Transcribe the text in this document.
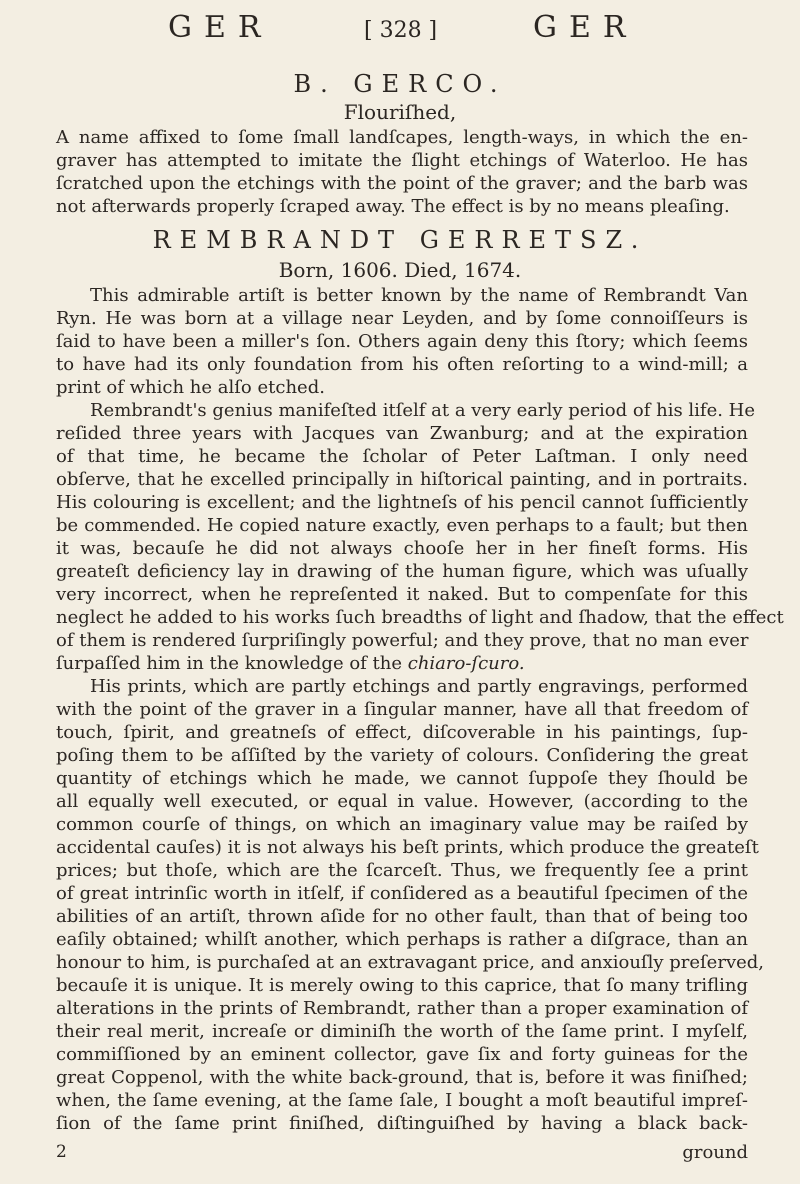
GER	[ 328 ]	GER
B. GERCO.
Flouriſhed,
A name affixed to ſome ſmall landſcapes, length-ways, in which the en-
graver has attempted to imitate the ſlight etchings of Waterloo. He has
ſcratched upon the etchings with the point of the graver; and the barb was
not afterwards properly ſcraped away. The effect is by no means pleaſing.
REMBRANDT GERRETSZ.
Born, 1606. Died, 1674.
This admirable artiſt is better known by the name of Rembrandt Van
Ryn. He was born at a village near Leyden, and by ſome connoiſſeurs is
ſaid to have been a miller's ſon. Others again deny this ſtory; which ſeems
to have had its only foundation from his often reſorting to a wind-mill; a
print of which he alſo etched.
Rembrandt's genius manifeſted itſelf at a very early period of his life. He
reſided three years with Jacques van Zwanburg; and at the expiration
of that time, he became the ſcholar of Peter Laſtman. I only need
obſerve, that he excelled principally in hiſtorical painting, and in portraits.
His colouring is excellent; and the lightneſs of his pencil cannot ſufficiently
be commended. He copied nature exactly, even perhaps to a fault; but then
it was, becauſe he did not always chooſe her in her fineſt forms. His
greateſt deficiency lay in drawing of the human figure, which was uſually
very incorrect, when he repreſented it naked. But to compenſate for this
neglect he added to his works ſuch breadths of light and ſhadow, that the effect
of them is rendered ſurpriſingly powerful; and they prove, that no man ever
ſurpaſſed him in the knowledge of the chiaro-ſcuro.
His prints, which are partly etchings and partly engravings, performed
with the point of the graver in a ſingular manner, have all that freedom of
touch, ſpirit, and greatneſs of effect, diſcoverable in his paintings, ſup-
poſing them to be aſſiſted by the variety of colours. Conſidering the great
quantity of etchings which he made, we cannot ſuppoſe they ſhould be
all equally well executed, or equal in value. However, (according to the
common courſe of things, on which an imaginary value may be raiſed by
accidental cauſes) it is not always his beſt prints, which produce the greateſt
prices; but thoſe, which are the ſcarceſt. Thus, we frequently ſee a print
of great intrinſic worth in itſelf, if conſidered as a beautiful ſpecimen of the
abilities of an artiſt, thrown aſide for no other fault, than that of being too
eaſily obtained; whilſt another, which perhaps is rather a diſgrace, than an
honour to him, is purchaſed at an extravagant price, and anxiouſly preſerved,
becauſe it is unique. It is merely owing to this caprice, that ſo many trifling
alterations in the prints of Rembrandt, rather than a proper examination of
their real merit, increaſe or diminiſh the worth of the ſame print. I myſelf,
commiſſioned by an eminent collector, gave ſix and forty guineas for the
great Coppenol, with the white back-ground, that is, before it was finiſhed;
when, the ſame evening, at the ſame ſale, I bought a moſt beautiful impreſ-
ſion of the ſame print finiſhed, diſtinguiſhed by having a black back-
2	ground
